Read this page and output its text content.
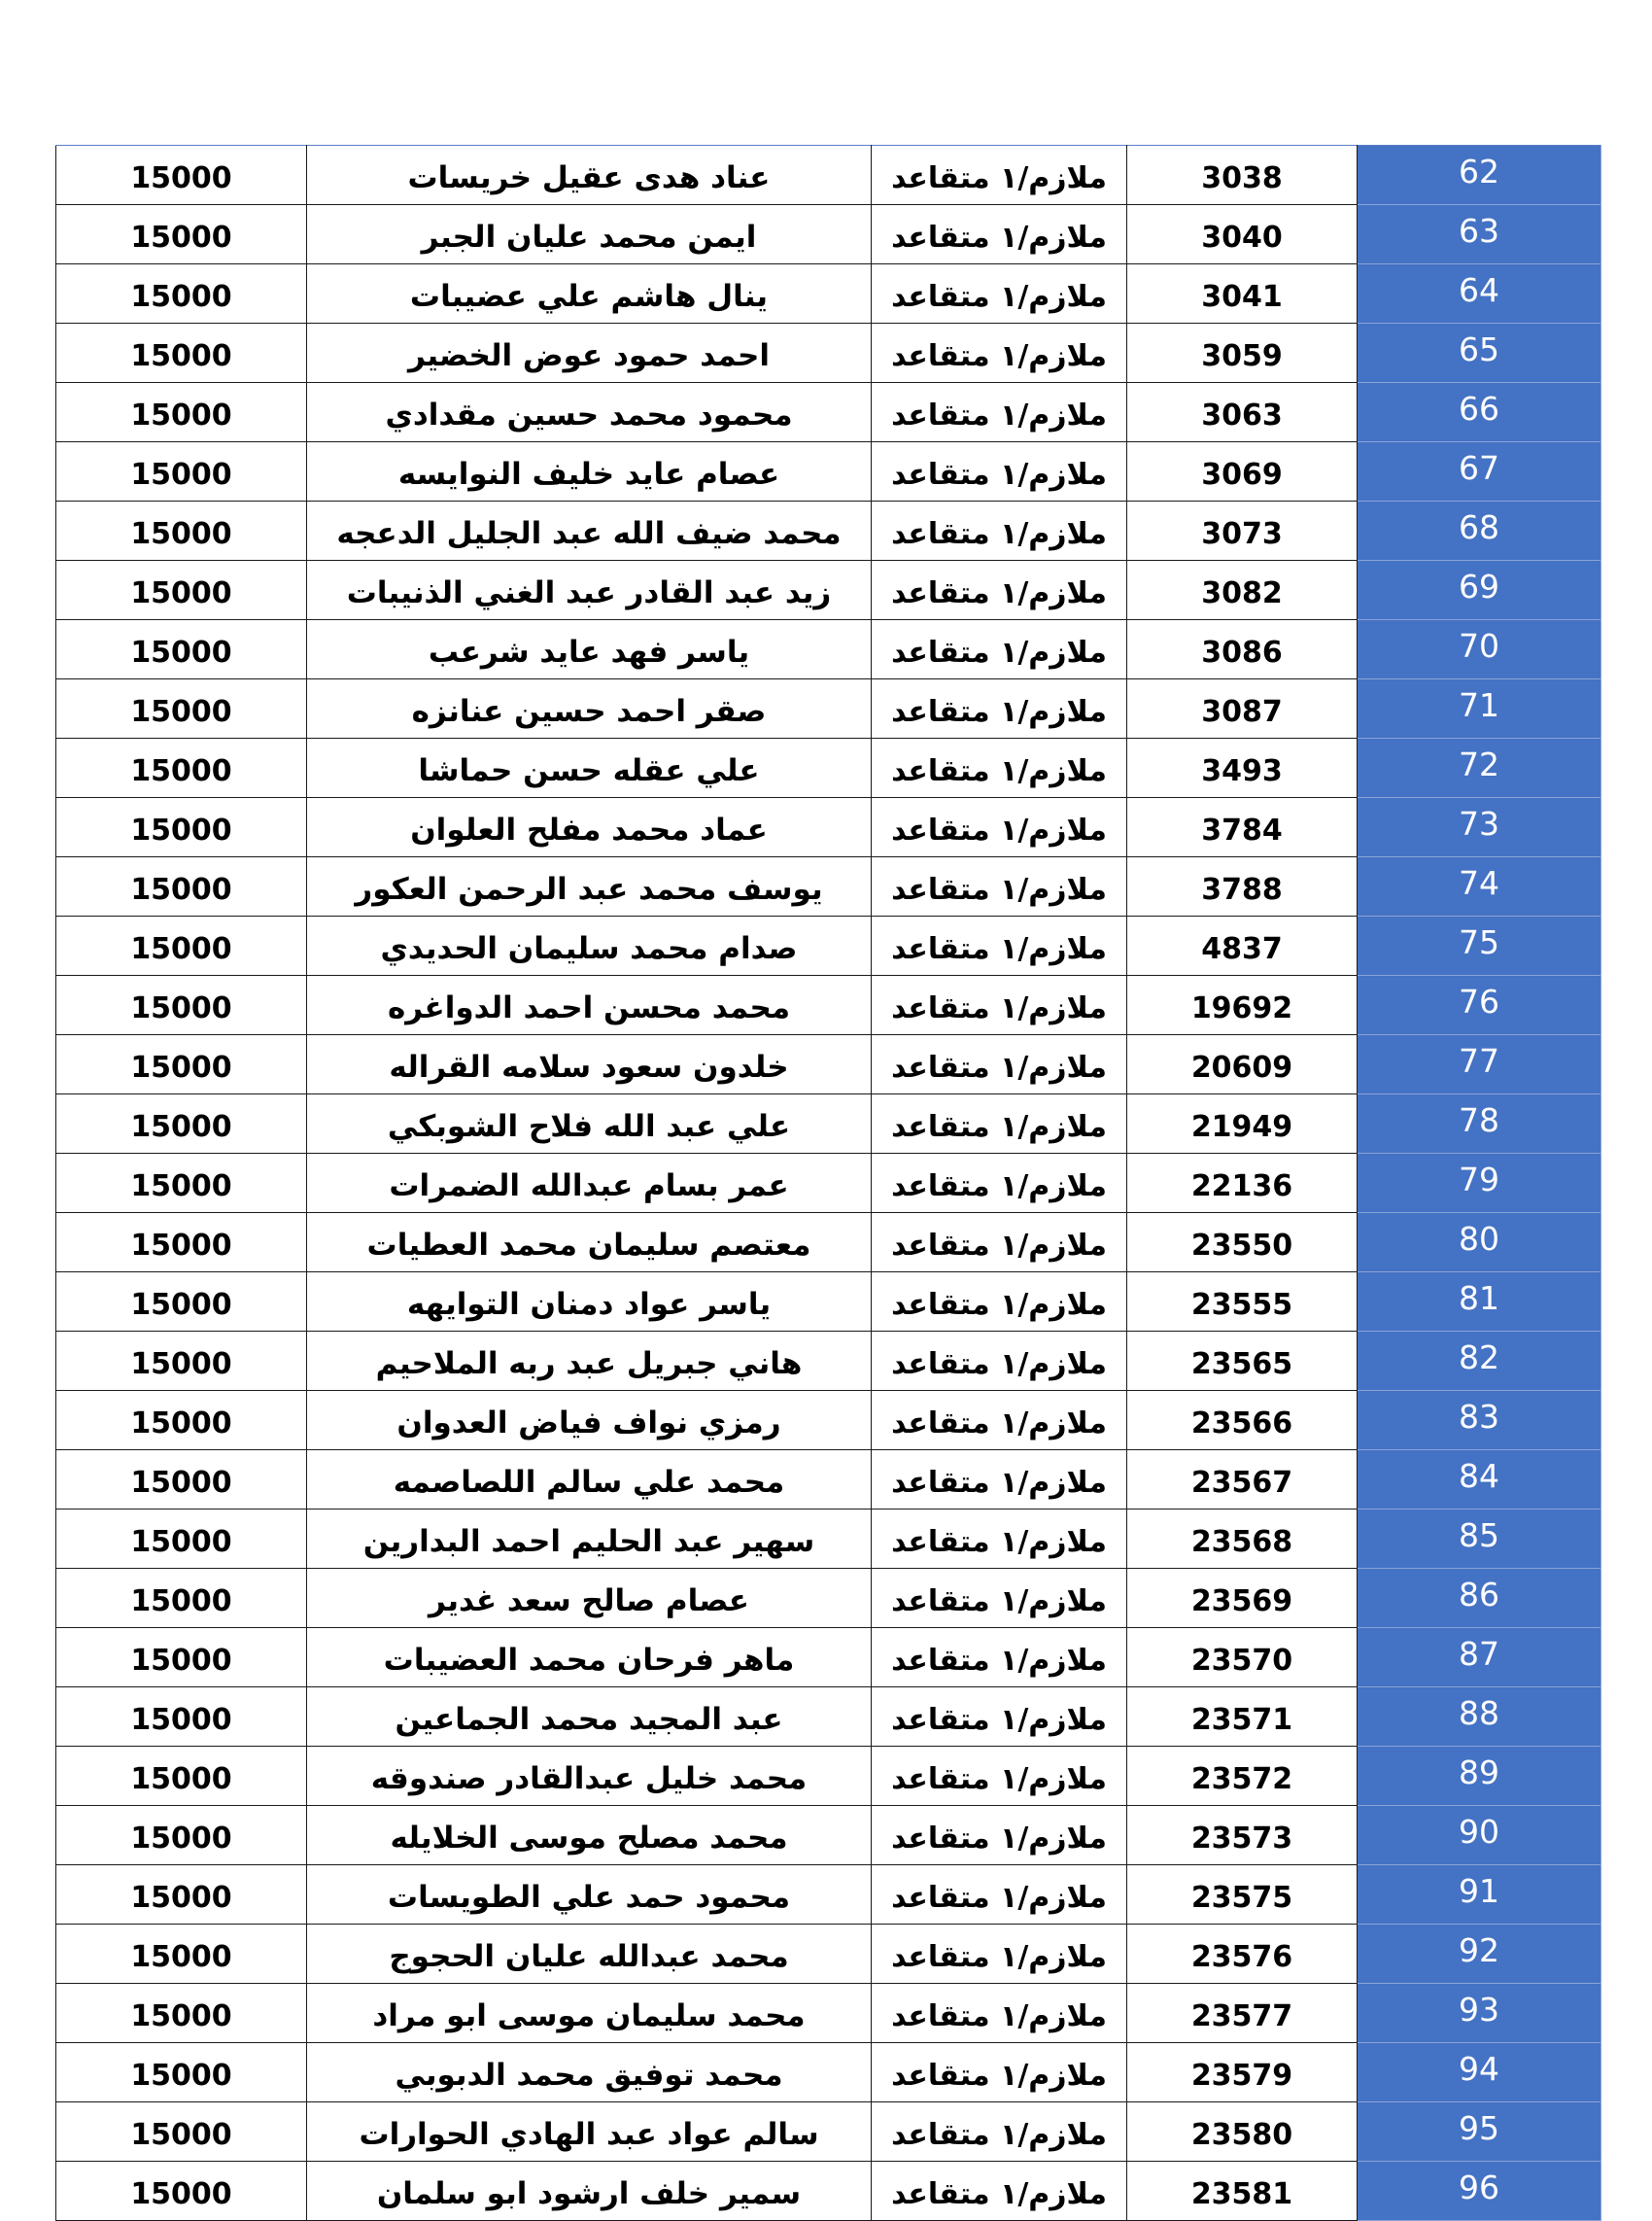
15000	عناد هدى عقيل خريسات	ملازم/١ متقاعد	3038	62
15000	ايمن محمد عليان الجبر	ملازم/١ متقاعد	3040	63
15000	ينال هاشم علي عضيبات	ملازم/١ متقاعد	3041	64
15000	احمد حمود عوض الخضير	ملازم/١ متقاعد	3059	65
15000	محمود محمد حسين مقدادي	ملازم/١ متقاعد	3063	66
15000	عصام عايد خليف النوايسه	ملازم/١ متقاعد	3069	67
15000	محمد ضيف الله عبد الجليل الدعجه	ملازم/١ متقاعد	3073	68
15000	زيد عبد القادر عبد الغني الذنيبات	ملازم/١ متقاعد	3082	69
15000	ياسر فهد عايد شرعب	ملازم/١ متقاعد	3086	70
15000	صقر احمد حسين عنانزه	ملازم/١ متقاعد	3087	71
15000	علي عقله حسن حماشا	ملازم/١ متقاعد	3493	72
15000	عماد محمد مفلح العلوان	ملازم/١ متقاعد	3784	73
15000	يوسف محمد عبد الرحمن العكور	ملازم/١ متقاعد	3788	74
15000	صدام محمد سليمان الحديدي	ملازم/١ متقاعد	4837	75
15000	محمد محسن احمد الدواغره	ملازم/١ متقاعد	19692	76
15000	خلدون سعود سلامه القراله	ملازم/١ متقاعد	20609	77
15000	علي عبد الله فلاح الشوبكي	ملازم/١ متقاعد	21949	78
15000	عمر بسام عبدالله الضمرات	ملازم/١ متقاعد	22136	79
15000	معتصم سليمان محمد العطيات	ملازم/١ متقاعد	23550	80
15000	ياسر عواد دمنان التوايهه	ملازم/١ متقاعد	23555	81
15000	هاني جبريل عبد ربه الملاحيم	ملازم/١ متقاعد	23565	82
15000	رمزي نواف فياض العدوان	ملازم/١ متقاعد	23566	83
15000	محمد علي سالم اللصاصمه	ملازم/١ متقاعد	23567	84
15000	سهير عبد الحليم احمد البدارين	ملازم/١ متقاعد	23568	85
15000	عصام صالح سعد غدير	ملازم/١ متقاعد	23569	86
15000	ماهر فرحان محمد العضيبات	ملازم/١ متقاعد	23570	87
15000	عبد المجيد محمد الجماعين	ملازم/١ متقاعد	23571	88
15000	محمد خليل عبدالقادر صندوقه	ملازم/١ متقاعد	23572	89
15000	محمد مصلح موسى الخلايله	ملازم/١ متقاعد	23573	90
15000	محمود حمد علي الطويسات	ملازم/١ متقاعد	23575	91
15000	محمد عبدالله عليان الحجوج	ملازم/١ متقاعد	23576	92
15000	محمد سليمان موسى ابو مراد	ملازم/١ متقاعد	23577	93
15000	محمد توفيق محمد الدبوبي	ملازم/١ متقاعد	23579	94
15000	سالم عواد عبد الهادي الحوارات	ملازم/١ متقاعد	23580	95
15000	سمير خلف ارشود ابو سلمان	ملازم/١ متقاعد	23581	96
